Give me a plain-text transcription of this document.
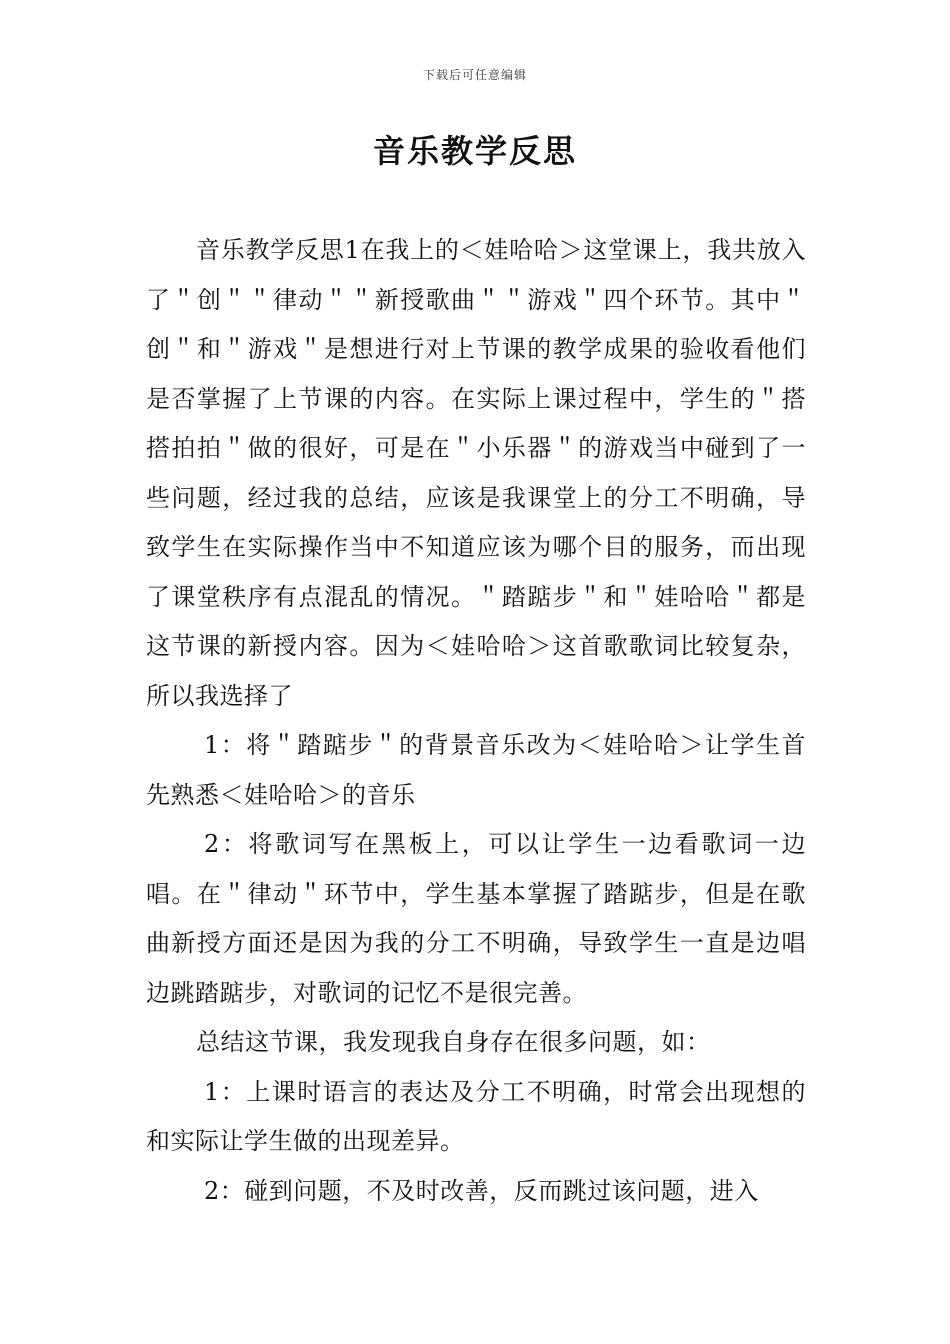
下载后可任意编辑
音乐教学反思

音乐教学反思1在我上的＜娃哈哈＞这堂课上，我共放入了＂创＂＂律动＂＂新授歌曲＂＂游戏＂四个环节。其中＂创＂和＂游戏＂是想进行对上节课的教学成果的验收看他们是否掌握了上节课的内容。在实际上课过程中，学生的＂搭搭拍拍＂做的很好，可是在＂小乐器＂的游戏当中碰到了一些问题，经过我的总结，应该是我课堂上的分工不明确，导致学生在实际操作当中不知道应该为哪个目的服务，而出现了课堂秩序有点混乱的情况。＂踏踮步＂和＂娃哈哈＂都是这节课的新授内容。因为＜娃哈哈＞这首歌歌词比较复杂，所以我选择了

1：将＂踏踮步＂的背景音乐改为＜娃哈哈＞让学生首先熟悉＜娃哈哈＞的音乐

2：将歌词写在黑板上，可以让学生一边看歌词一边唱。在＂律动＂环节中，学生基本掌握了踏踮步，但是在歌曲新授方面还是因为我的分工不明确，导致学生一直是边唱边跳踏踮步，对歌词的记忆不是很完善。

总结这节课，我发现我自身存在很多问题，如：

1：上课时语言的表达及分工不明确，时常会出现想的和实际让学生做的出现差异。

2：碰到问题，不及时改善，反而跳过该问题，进入
